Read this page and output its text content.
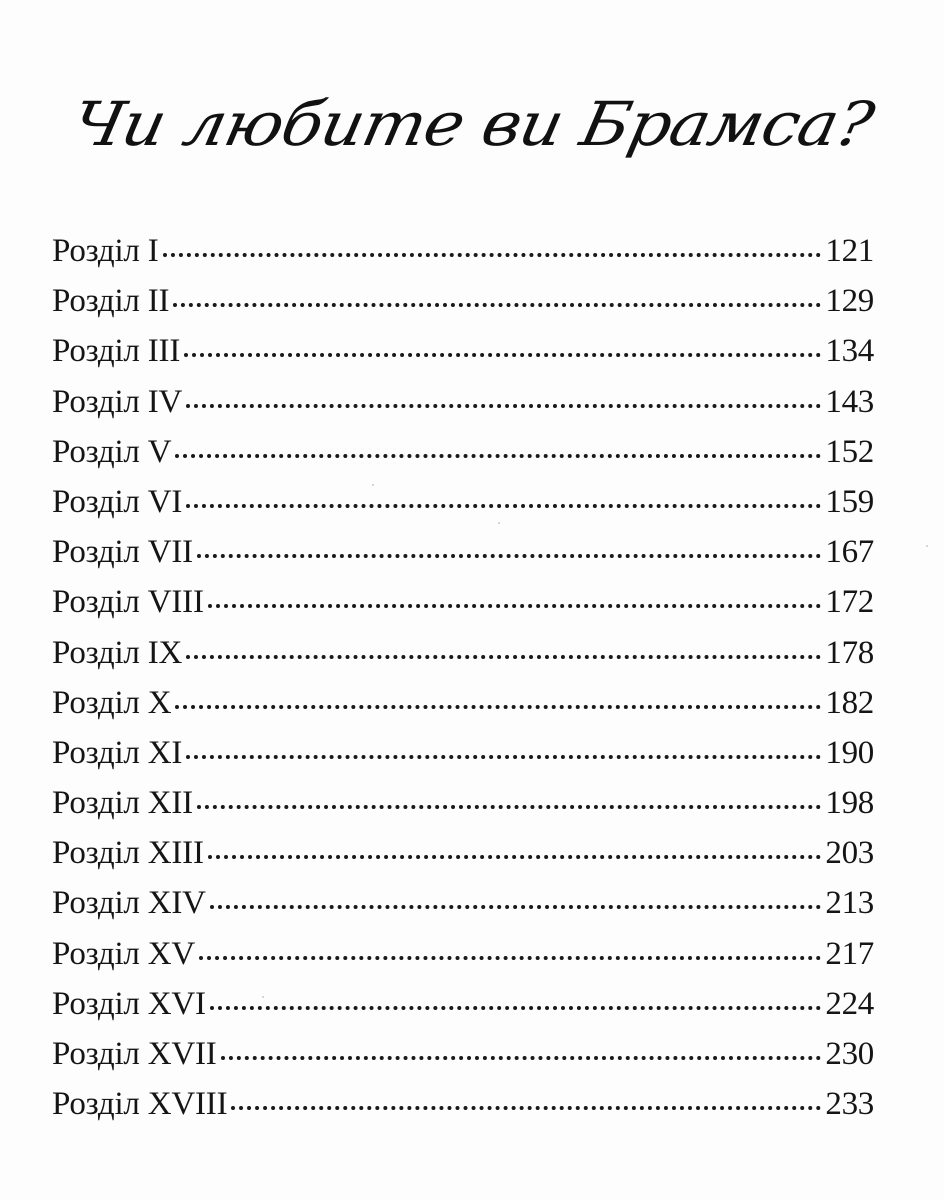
Чи любите ви Брамса?
Розділ I	121
Розділ II	129
Розділ III	134
Розділ IV	143
Розділ V	152
Розділ VI	159
Розділ VII	167
Розділ VIII	172
Розділ IX	178
Розділ X	182
Розділ XI	190
Розділ XII	198
Розділ XIII	203
Розділ XIV	213
Розділ XV	217
Розділ XVI	224
Розділ XVII	230
Розділ XVIII	233
